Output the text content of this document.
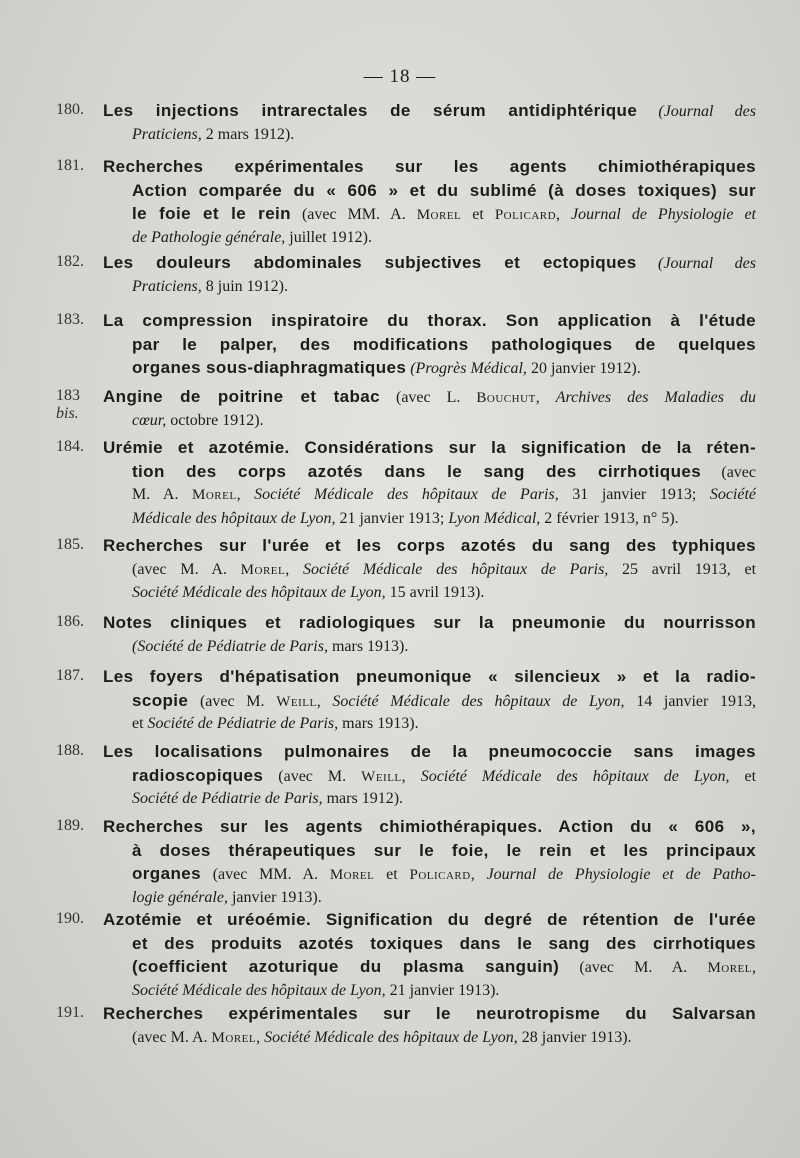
— 18 —
180.	Les injections intrarectales de sérum antidiphtérique (Journal des
Praticiens, 2 mars 1912).
181.	Recherches expérimentales sur les agents chimiothérapiques
Action comparée du « 606 » et du sublimé (à doses toxiques) sur
le foie et le rein (avec MM. A. Morel et Policard, Journal de Physiologie et
de Pathologie générale, juillet 1912).
182.	Les douleurs abdominales subjectives et ectopiques (Journal des
Praticiens, 8 juin 1912).
183.	La compression inspiratoire du thorax. Son application à l'étude
par le palper, des modifications pathologiques de quelques
organes sous-diaphragmatiques (Progrès Médical, 20 janvier 1912).
183 bis.
Angine de poitrine et tabac (avec L. Bouchut, Archives des Maladies du
cœur, octobre 1912).
184.	Urémie et azotémie. Considérations sur la signification de la réten-
tion des corps azotés dans le sang des cirrhotiques (avec
M. A. Morel, Société Médicale des hôpitaux de Paris, 31 janvier 1913; Société
Médicale des hôpitaux de Lyon, 21 janvier 1913; Lyon Médical, 2 février 1913, n° 5).
185.	Recherches sur l'urée et les corps azotés du sang des typhiques
(avec M. A. Morel, Société Médicale des hôpitaux de Paris, 25 avril 1913, et
Société Médicale des hôpitaux de Lyon, 15 avril 1913).
186.	Notes cliniques et radiologiques sur la pneumonie du nourrisson
(Société de Pédiatrie de Paris, mars 1913).
187.	Les foyers d'hépatisation pneumonique « silencieux » et la radio-
scopie (avec M. Weill, Société Médicale des hôpitaux de Lyon, 14 janvier 1913,
et Société de Pédiatrie de Paris, mars 1913).
188.	Les localisations pulmonaires de la pneumococcie sans images
radioscopiques (avec M. Weill, Société Médicale des hôpitaux de Lyon, et
Société de Pédiatrie de Paris, mars 1912).
189.	Recherches sur les agents chimiothérapiques. Action du « 606 »,
à doses thérapeutiques sur le foie, le rein et les principaux
organes (avec MM. A. Morel et Policard, Journal de Physiologie et de Patho-
logie générale, janvier 1913).
190.	Azotémie et uréoémie. Signification du degré de rétention de l'urée
et des produits azotés toxiques dans le sang des cirrhotiques
(coefficient azoturique du plasma sanguin) (avec M. A. Morel,
Société Médicale des hôpitaux de Lyon, 21 janvier 1913).
191.	Recherches expérimentales sur le neurotropisme du Salvarsan
(avec M. A. Morel, Société Médicale des hôpitaux de Lyon, 28 janvier 1913).
